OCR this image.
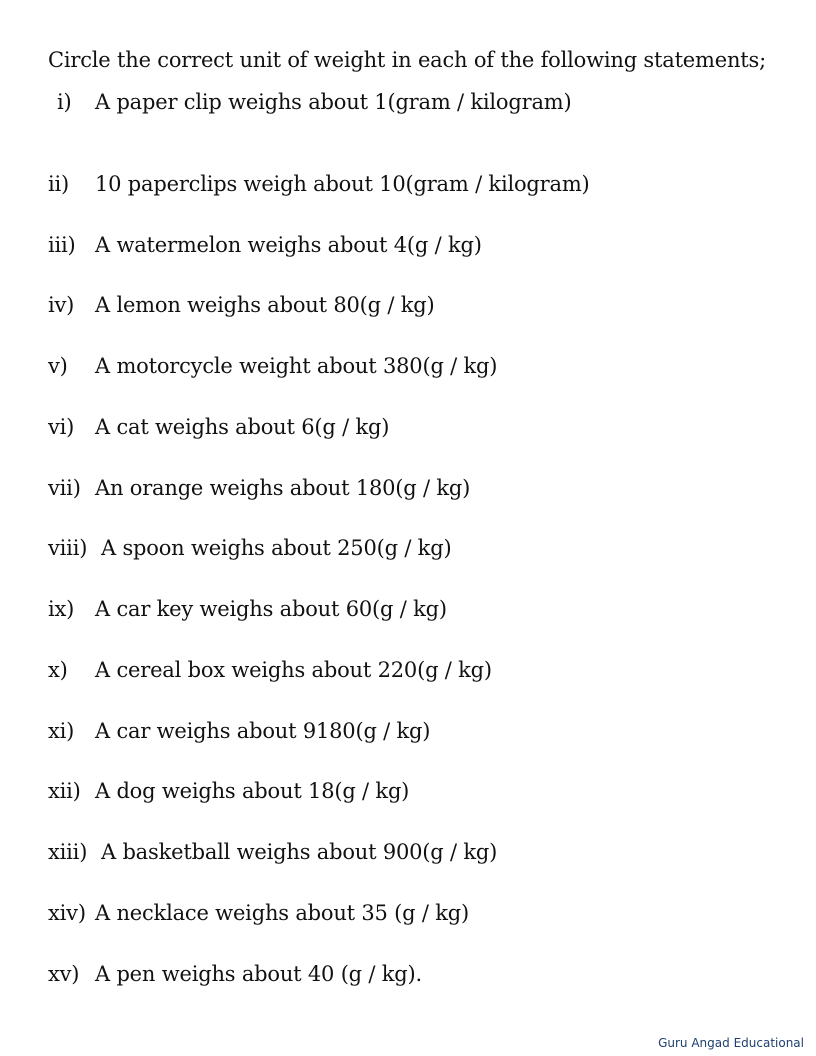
Circle the correct unit of weight in each of the following statements;
i) A paper clip weighs about 1(gram / kilogram)
ii) 10 paperclips weigh about 10(gram / kilogram)
iii) A watermelon weighs about 4(g / kg)
iv) A lemon weighs about 80(g / kg)
v) A motorcycle weight about 380(g / kg)
vi) A cat weighs about 6(g / kg)
vii) An orange weighs about 180(g / kg)
viii) A spoon weighs about 250(g / kg)
ix) A car key weighs about 60(g / kg)
x) A cereal box weighs about 220(g / kg)
xi) A car weighs about 9180(g / kg)
xii) A dog weighs about 18(g / kg)
xiii) A basketball weighs about 900(g / kg)
xiv) A necklace weighs about 35 (g / kg)
xv) A pen weighs about 40 (g / kg).
Guru Angad Educational
